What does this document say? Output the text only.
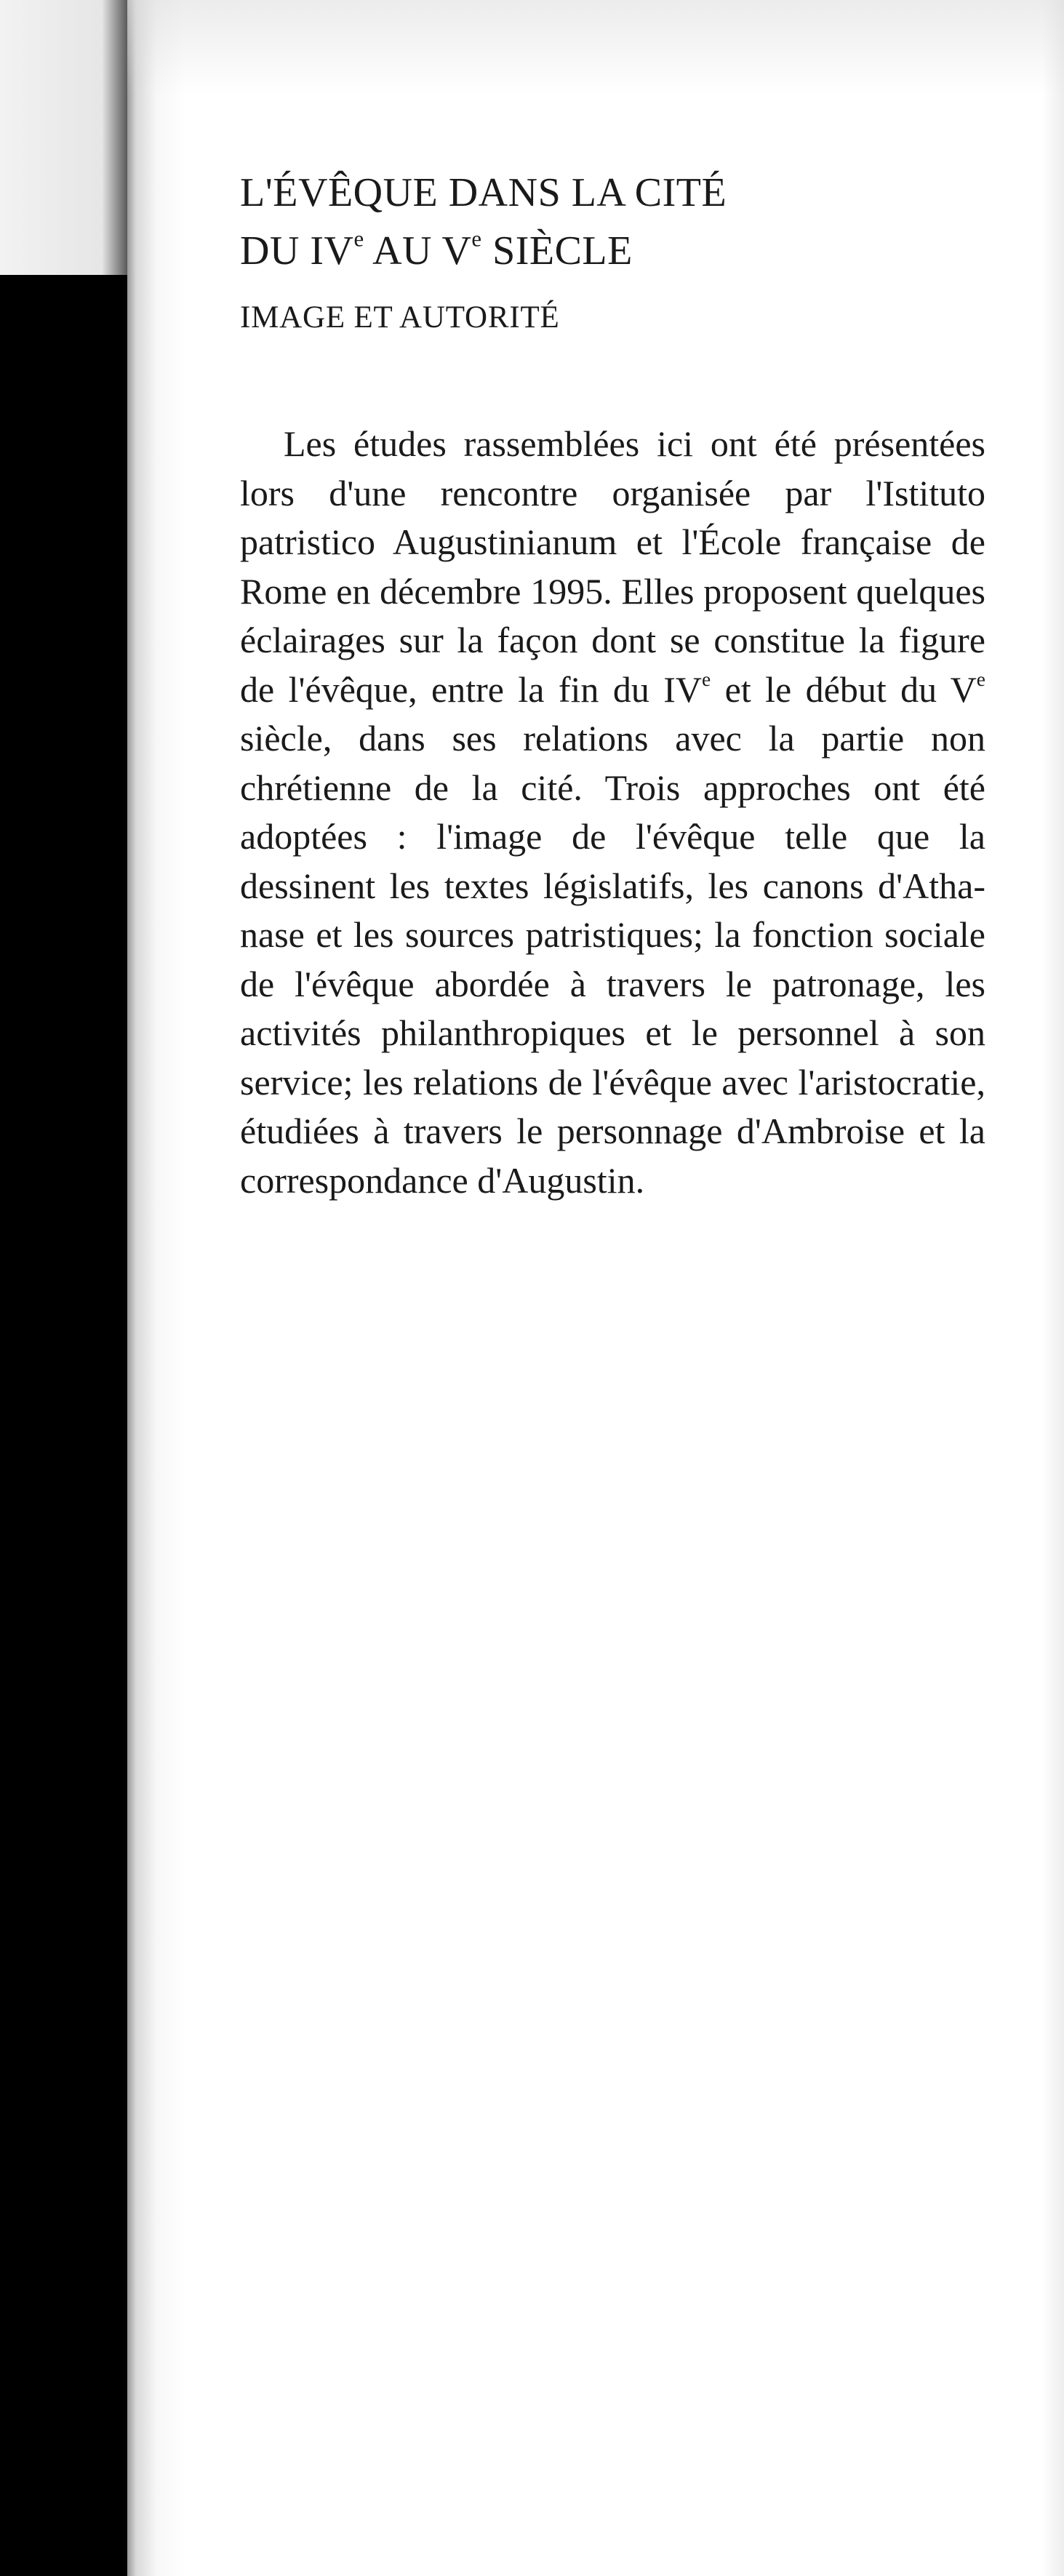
L'ÉVÊQUE DANS LA CITÉ
DU IVe AU Ve SIÈCLE
IMAGE ET AUTORITÉ

Les études rassemblées ici ont été présentées lors d'une rencontre organisée par l'Istituto patristico Augustinianum et l'École française de Rome en décembre 1995. Elles proposent quelques éclairages sur la façon dont se constitue la figure de l'évêque, entre la fin du IVe et le début du Ve siècle, dans ses relations avec la partie non chrétienne de la cité. Trois approches ont été adoptées : l'image de l'évêque telle que la dessinent les textes législatifs, les canons d'Athanase et les sources patristiques; la fonction sociale de l'évêque abordée à travers le patronage, les activités philanthropiques et le personnel à son service; les relations de l'évêque avec l'aristocratie, étudiées à travers le personnage d'Ambroise et la correspondance d'Augustin.
